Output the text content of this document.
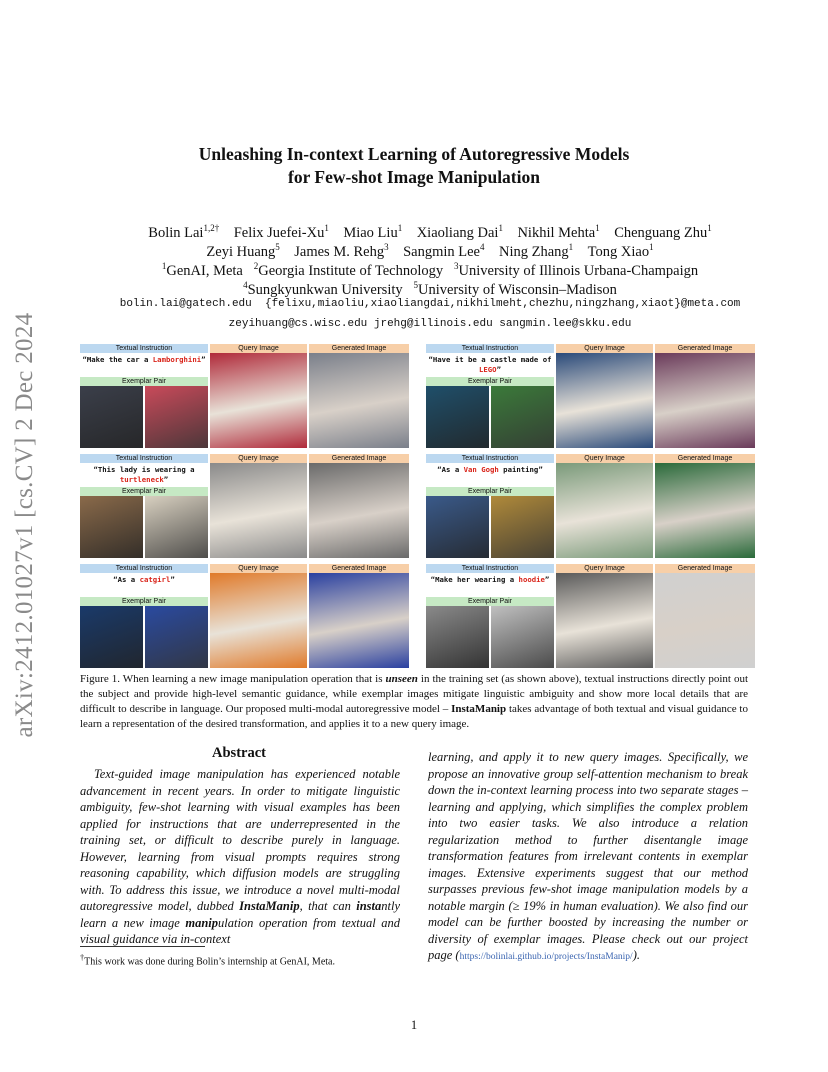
arXiv:2412.01027v1 [cs.CV] 2 Dec 2024
Unleashing In-context Learning of Autoregressive Models
for Few-shot Image Manipulation
Bolin Lai$^{1,2\dagger}$ Felix Juefei-Xu$^1$ Miao Liu$^1$ Xiaoliang Dai$^1$ Nikhil Mehta$^1$ Chenguang Zhu$^1$
Zeyi Huang$^5$ James M. Rehg$^3$ Sangmin Lee$^4$ Ning Zhang$^1$ Tong Xiao$^1$
$^1$GenAI, Meta $^2$Georgia Institute of Technology $^3$University of Illinois Urbana-Champaign
$^4$Sungkyunkwan University $^5$University of Wisconsin–Madison
bolin.lai@gatech.edu {felixu,miaoliu,xiaoliangdai,nikhilmeht,chezhu,ningzhang,xiaot}@meta.com
zeyihuang@cs.wisc.edu jrehg@illinois.edu sangmin.lee@skku.edu
Textual Instruction
“Make the car a Lamborghini”
Exemplar Pair
Query Image	Generated Image	Textual Instruction
“Have it be a castle made of LEGO”
Exemplar Pair
Query Image	Generated Image
Textual Instruction
“This lady is wearing a turtleneck”
Exemplar Pair
Query Image	Generated Image	Textual Instruction
“As a Van Gogh painting”
Exemplar Pair
Query Image	Generated Image
Textual Instruction
“As a catgirl”
Exemplar Pair
Query Image	Generated Image	Textual Instruction
“Make her wearing a hoodie”
Exemplar Pair
Query Image	Generated Image
Figure 1. When learning a new image manipulation operation that is unseen in the training set (as shown above), textual instructions directly point out the subject and provide high-level semantic guidance, while exemplar images mitigate linguistic ambiguity and show more local details that are difficult to describe in language. Our proposed multi-modal autoregressive model – InstaManip takes advantage of both textual and visual guidance to learn a representation of the desired transformation, and applies it to a new query image.
Abstract

Text-guided image manipulation has experienced notable advancement in recent years. In order to mitigate linguistic ambiguity, few-shot learning with visual examples has been applied for instructions that are underrepresented in the training set, or difficult to describe purely in language. However, learning from visual prompts requires strong reasoning capability, which diffusion models are struggling with. To address this issue, we introduce a novel multi-modal autoregressive model, dubbed InstaManip, that can instantly learn a new image manipulation operation from textual and visual guidance via in-context

learning, and apply it to new query images. Specifically, we propose an innovative group self-attention mechanism to break down the in-context learning process into two separate stages – learning and applying, which simplifies the complex problem into two easier tasks. We also introduce a relation regularization method to further disentangle image transformation features from irrelevant contents in exemplar images. Extensive experiments suggest that our method surpasses previous few-shot image manipulation models by a notable margin (≥ 19% in human evaluation). We also find our model can be further boosted by increasing the number or diversity of exemplar images. Please check out our project page (https://bolinlai.github.io/projects/InstaManip/).

†This work was done during Bolin’s internship at GenAI, Meta.
1
